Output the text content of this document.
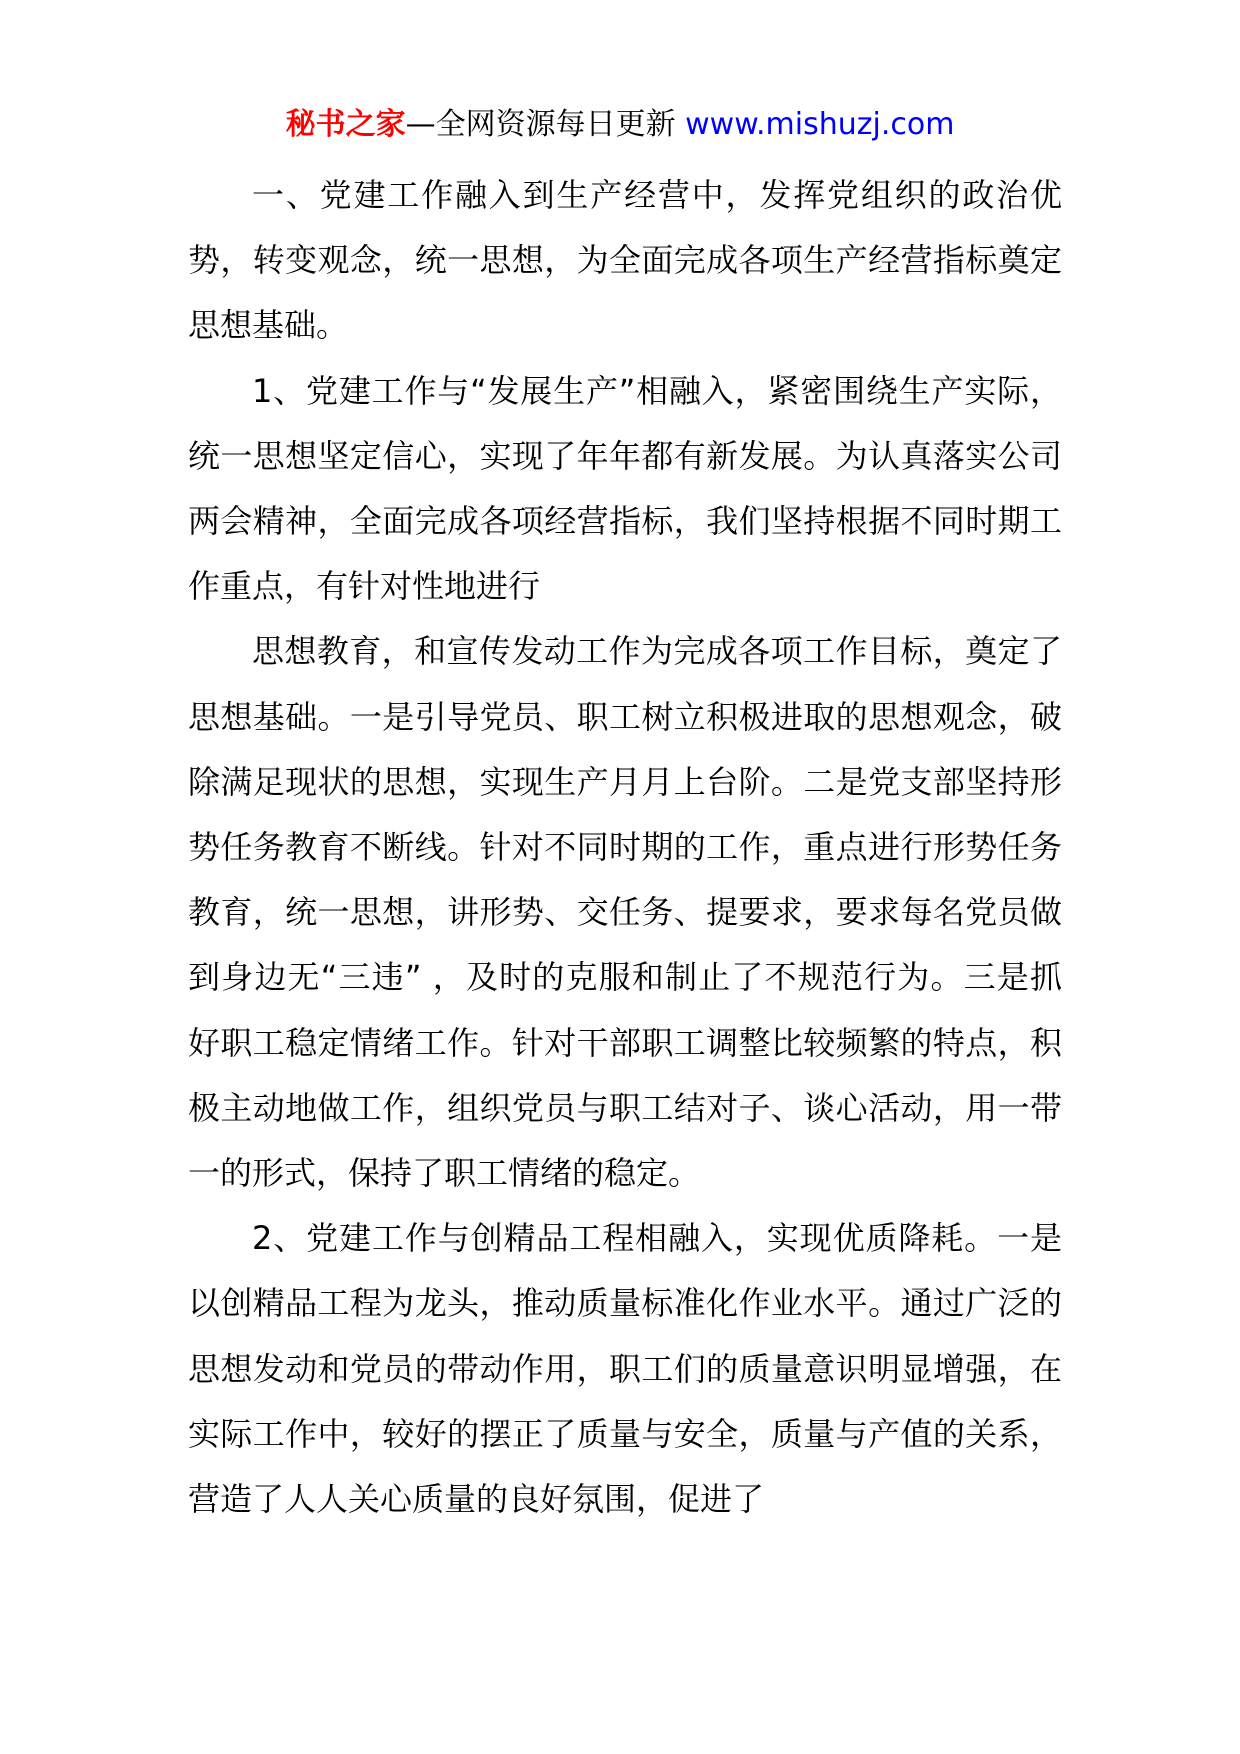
秘书之家—全网资源每日更新 www.mishuzj.com

一、党建工作融入到生产经营中，发挥党组织的政治优势，转变观念，统一思想，为全面完成各项生产经营指标奠定思想基础。

1、党建工作与“发展生产”相融入，紧密围绕生产实际，统一思想坚定信心，实现了年年都有新发展。为认真落实公司两会精神，全面完成各项经营指标，我们坚持根据不同时期工作重点，有针对性地进行

思想教育，和宣传发动工作为完成各项工作目标，奠定了思想基础。一是引导党员、职工树立积极进取的思想观念，破除满足现状的思想，实现生产月月上台阶。二是党支部坚持形势任务教育不断线。针对不同时期的工作，重点进行形势任务教育，统一思想，讲形势、交任务、提要求，要求每名党员做到身边无“三违” ，及时的克服和制止了不规范行为。三是抓好职工稳定情绪工作。针对干部职工调整比较频繁的特点，积极主动地做工作，组织党员与职工结对子、谈心活动，用一带一的形式，保持了职工情绪的稳定。

2、党建工作与创精品工程相融入，实现优质降耗。一是以创精品工程为龙头，推动质量标准化作业水平。通过广泛的思想发动和党员的带动作用，职工们的质量意识明显增强，在实际工作中，较好的摆正了质量与安全，质量与产值的关系，营造了人人关心质量的良好氛围，促进了
